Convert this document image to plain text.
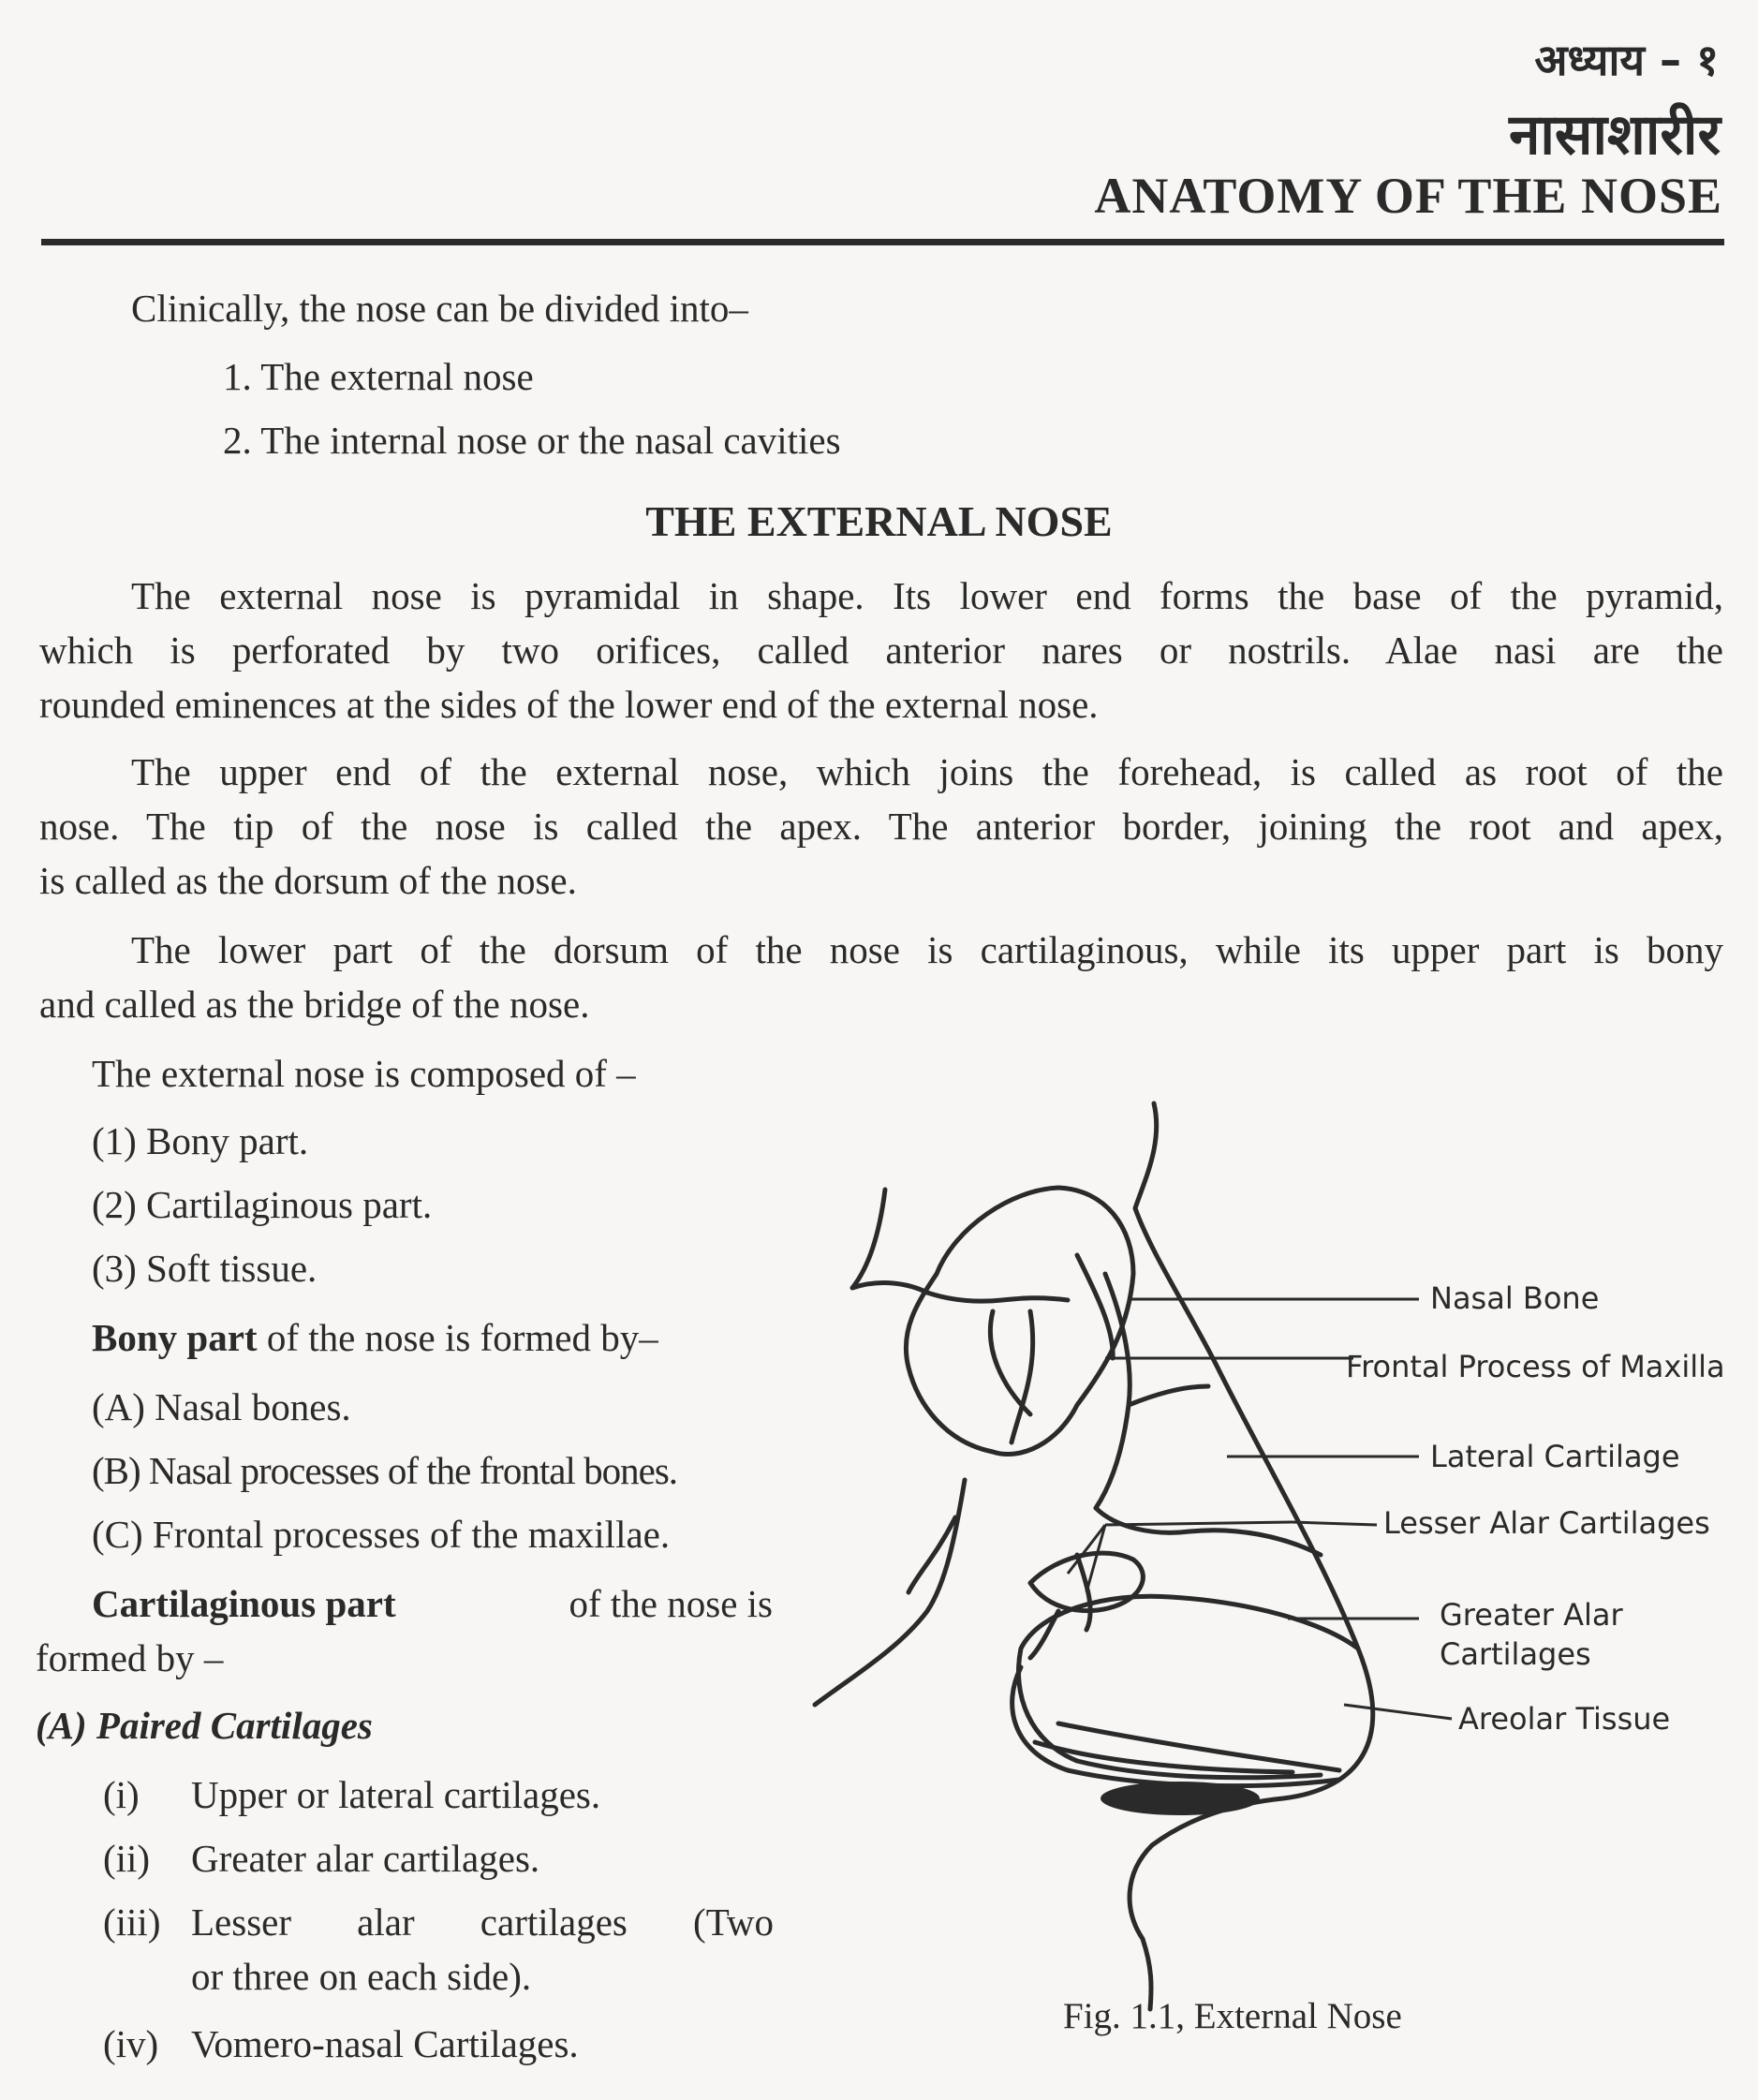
अध्याय – १
नासाशारीर
ANATOMY OF THE NOSE
Clinically, the nose can be divided into–
1. The external nose
2. The internal nose or the nasal cavities
THE EXTERNAL NOSE
The external nose is pyramidal in shape. Its lower end forms the base of the pyramid,
which is perforated by two orifices, called anterior nares or nostrils. Alae nasi are the
rounded eminences at the sides of the lower end of the external nose.
The upper end of the external nose, which joins the forehead, is called as root of the
nose. The tip of the nose is called the apex. The anterior border, joining the root and apex,
is called as the dorsum of the nose.
The lower part of the dorsum of the nose is cartilaginous, while its upper part is bony
and called as the bridge of the nose.
The external nose is composed of –
(1) Bony part.
(2) Cartilaginous part.
(3) Soft tissue.
Bony part of the nose is formed by–
(A) Nasal bones.
(B) Nasal processes of the frontal bones.
(C) Frontal processes of the maxillae.
Cartilaginous part	of the nose is
formed by –
(A) Paired Cartilages
(i) Upper or lateral cartilages.
(ii) Greater alar cartilages.
(iii) Lesser alar cartilages (Two
or three on each side).
(iv) Vomero-nasal Cartilages.
Nasal Bone
Frontal Process of Maxilla
Lateral Cartilage
Lesser Alar Cartilages
Greater Alar
Cartilages
Areolar Tissue
Fig. 1.1, External Nose
